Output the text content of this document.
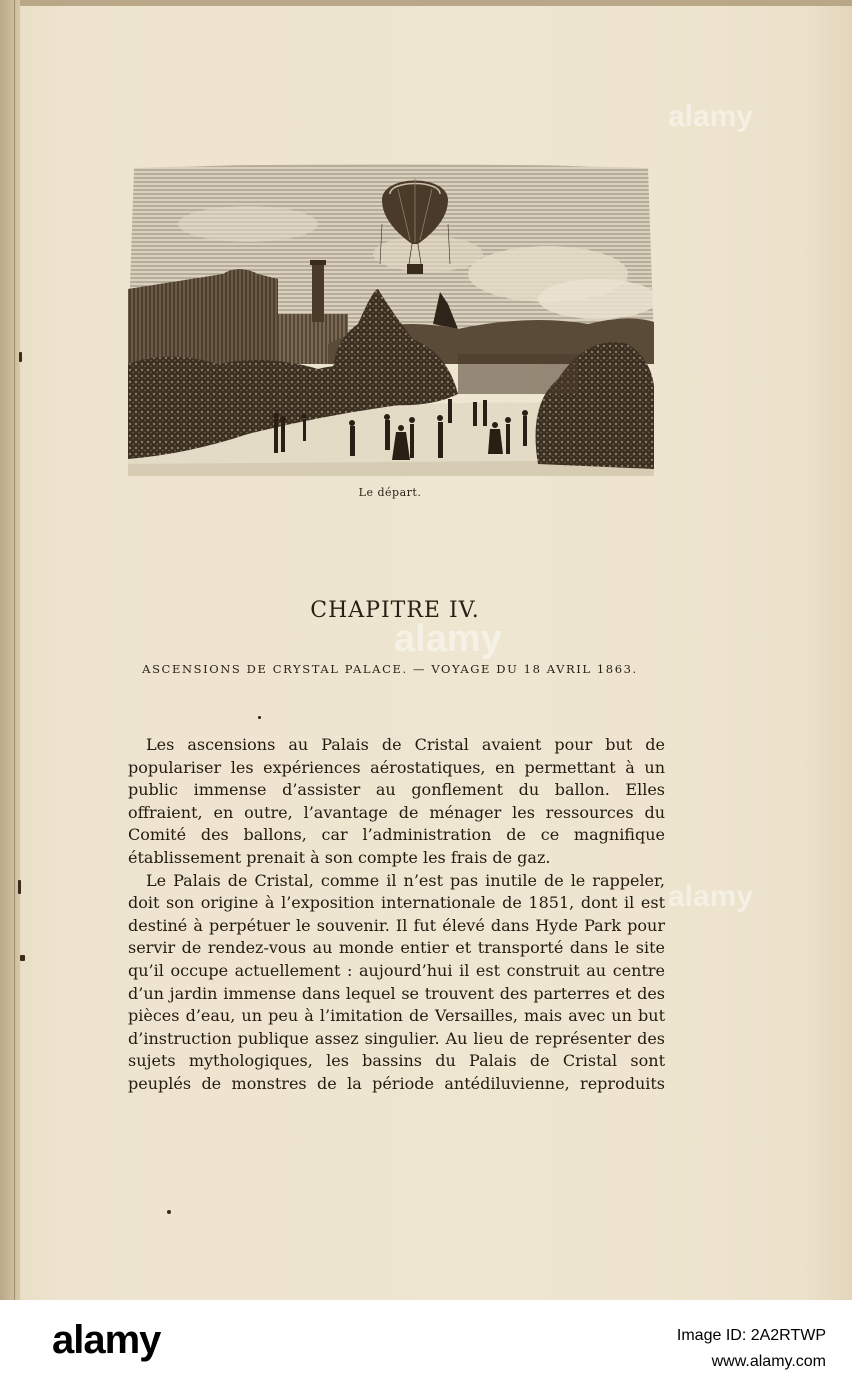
Le départ.
CHAPITRE IV.
ASCENSIONS DE CRYSTAL PALACE. — VOYAGE DU 18 AVRIL 1863.

Les ascensions au Palais de Cristal avaient pour but de populariser les expériences aérostatiques, en permettant à un public immense d’assister au gonflement du ballon. Elles offraient, en outre, l’avantage de ménager les ressources du Comité des ballons, car l’administration de ce magnifique établissement prenait à son compte les frais de gaz.

Le Palais de Cristal, comme il n’est pas inutile de le rappeler, doit son origine à l’exposition internationale de 1851, dont il est destiné à perpétuer le souvenir. Il fut élevé dans Hyde Park pour servir de rendez-vous au monde entier et transporté dans le site qu’il occupe actuellement : aujourd’hui il est construit au centre d’un jardin immense dans lequel se trouvent des parterres et des pièces d’eau, un peu à l’imitation de Versailles, mais avec un but d’instruction publique assez singulier. Au lieu de représenter des sujets mythologiques, les bassins du Palais de Cristal sont peuplés de monstres de la période antédiluvienne, reproduits

alamy
alamy
alamy
alamy	Image ID: 2A2RTWP
www.alamy.com
